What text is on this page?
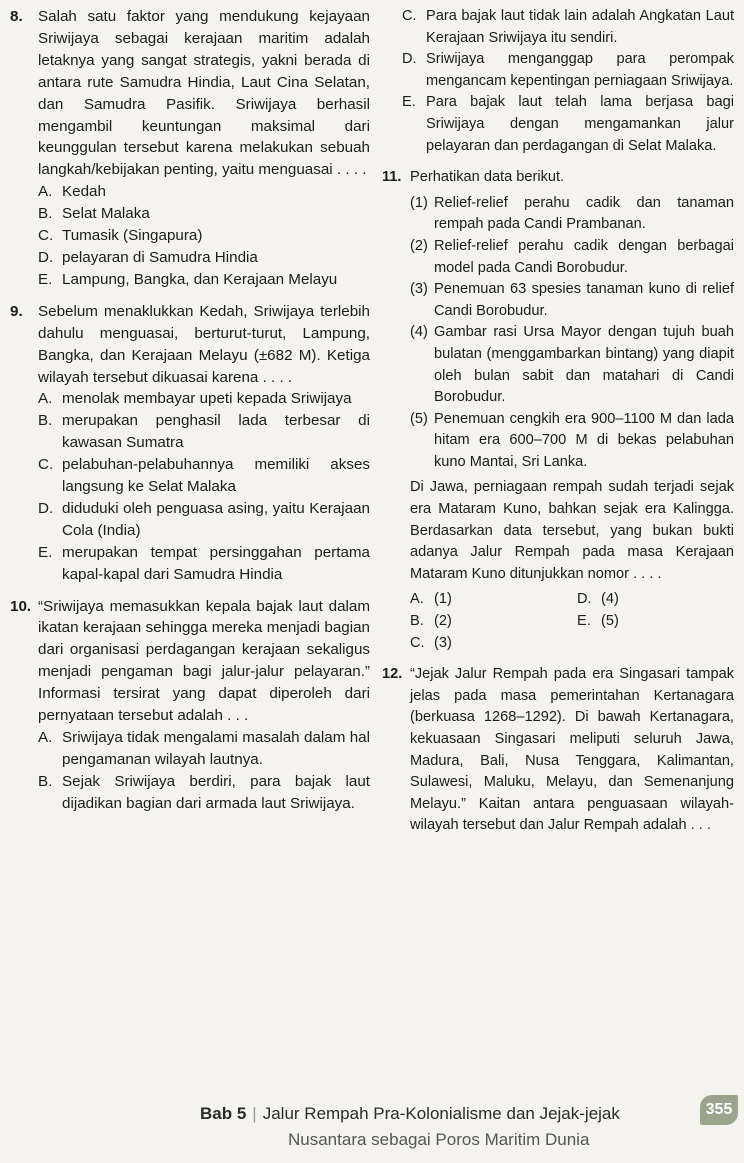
8. Salah satu faktor yang mendukung kejayaan Sriwijaya sebagai kerajaan maritim adalah letaknya yang sangat strategis, yakni berada di antara rute Samudra Hindia, Laut Cina Selatan, dan Samudra Pasifik. Sriwijaya berhasil mengambil keuntungan maksimal dari keunggulan tersebut karena melakukan sebuah langkah/kebijakan penting, yaitu menguasai . . . .
A. Kedah
B. Selat Malaka
C. Tumasik (Singapura)
D. pelayaran di Samudra Hindia
E. Lampung, Bangka, dan Kerajaan Melayu
9. Sebelum menaklukkan Kedah, Sriwijaya terlebih dahulu menguasai, berturut-turut, Lampung, Bangka, dan Kerajaan Melayu (±682 M). Ketiga wilayah tersebut dikuasai karena . . . .
A. menolak membayar upeti kepada Sriwijaya
B. merupakan penghasil lada terbesar di kawasan Sumatra
C. pelabuhan-pelabuhannya memiliki akses langsung ke Selat Malaka
D. diduduki oleh penguasa asing, yaitu Kerajaan Cola (India)
E. merupakan tempat persinggahan pertama kapal-kapal dari Samudra Hindia
10. “Sriwijaya memasukkan kepala bajak laut dalam ikatan kerajaan sehingga mereka menjadi bagian dari organisasi perdagangan kerajaan sekaligus menjadi pengaman bagi jalur-jalur pelayaran.” Informasi tersirat yang dapat diperoleh dari pernyataan tersebut adalah . . .
A. Sriwijaya tidak mengalami masalah dalam hal pengamanan wilayah lautnya.
B. Sejak Sriwijaya berdiri, para bajak laut dijadikan bagian dari armada laut Sriwijaya.
C. Para bajak laut tidak lain adalah Angkatan Laut Kerajaan Sriwijaya itu sendiri.
D. Sriwijaya menganggap para perompak mengancam kepentingan perniagaan Sriwijaya.
E. Para bajak laut telah lama berjasa bagi Sriwijaya dengan mengamankan jalur pelayaran dan perdagangan di Selat Malaka.
11. Perhatikan data berikut.
(1) Relief-relief perahu cadik dan tanaman rempah pada Candi Prambanan.
(2) Relief-relief perahu cadik dengan berbagai model pada Candi Borobudur.
(3) Penemuan 63 spesies tanaman kuno di relief Candi Borobudur.
(4) Gambar rasi Ursa Mayor dengan tujuh buah bulatan (menggambarkan bintang) yang diapit oleh bulan sabit dan matahari di Candi Borobudur.
(5) Penemuan cengkih era 900–1100 M dan lada hitam era 600–700 M di bekas pelabuhan kuno Mantai, Sri Lanka.
Di Jawa, perniagaan rempah sudah terjadi sejak era Mataram Kuno, bahkan sejak era Kalingga. Berdasarkan data tersebut, yang bukan bukti adanya Jalur Rempah pada masa Kerajaan Mataram Kuno ditunjukkan nomor . . . .
A. (1)	D. (4)
B. (2)	E. (5)
C. (3)
12. “Jejak Jalur Rempah pada era Singasari tampak jelas pada masa pemerintahan Kertanagara (berkuasa 1268–1292). Di bawah Kertanagara, kekuasaan Singasari meliputi seluruh Jawa, Madura, Bali, Nusa Tenggara, Kalimantan, Sulawesi, Maluku, Melayu, dan Semenanjung Melayu.” Kaitan antara penguasaan wilayah-wilayah tersebut dan Jalur Rempah adalah . . .
Bab 5 | Jalur Rempah Pra-Kolonialisme dan Jejak-jejak
Nusantara sebagai Poros Maritim Dunia
355
